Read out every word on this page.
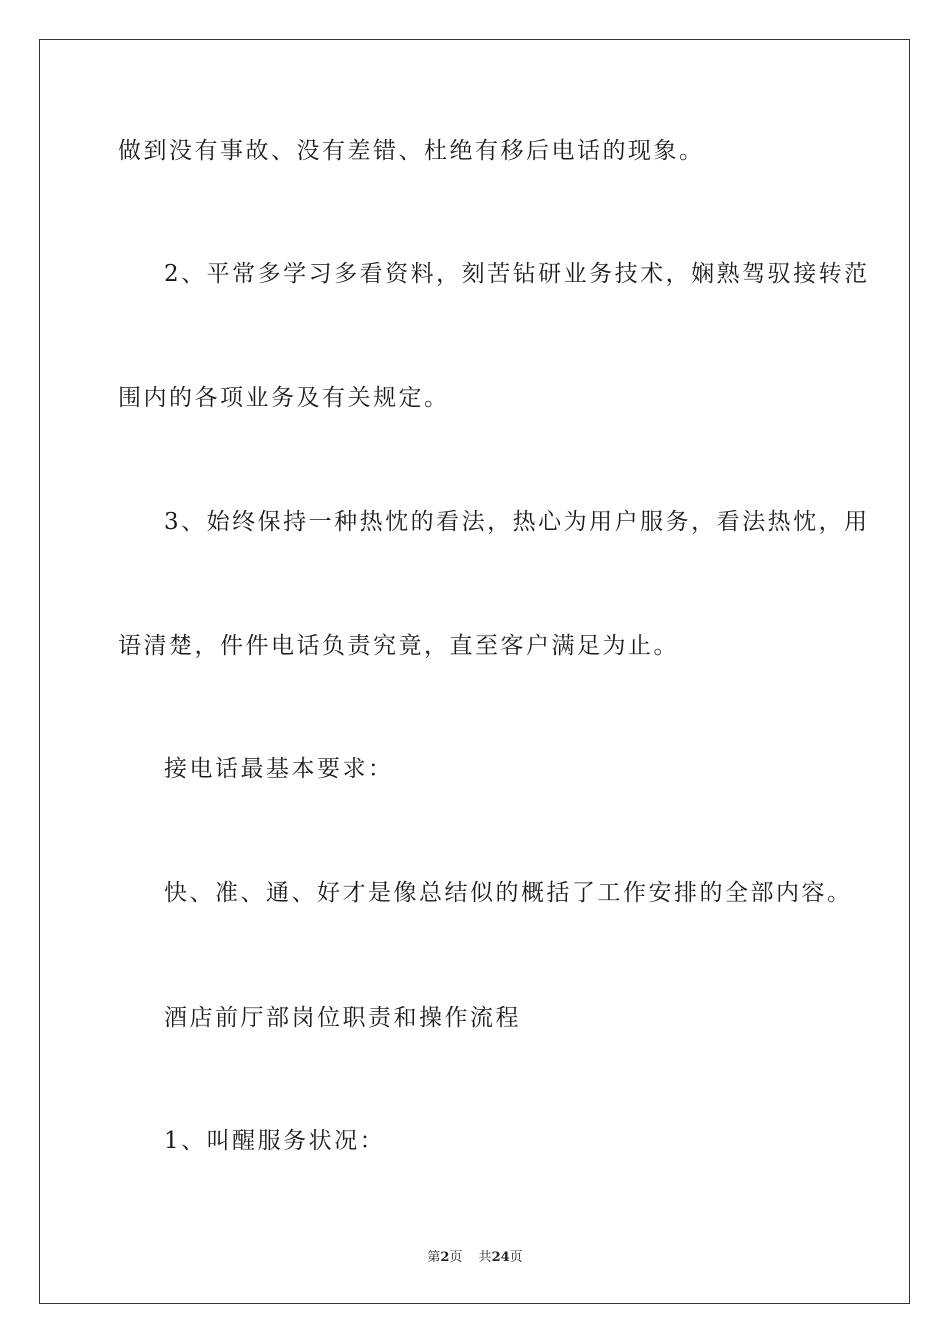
做到没有事故、没有差错、杜绝有移后电话的现象。
2、平常多学习多看资料，刻苦钻研业务技术，娴熟驾驭接转范
围内的各项业务及有关规定。
3、始终保持一种热忱的看法，热心为用户服务，看法热忱，用
语清楚，件件电话负责究竟，直至客户满足为止。
接电话最基本要求：
快、准、通、好才是像总结似的概括了工作安排的全部内容。
酒店前厅部岗位职责和操作流程
1、叫醒服务状况：
第2页 共24页
